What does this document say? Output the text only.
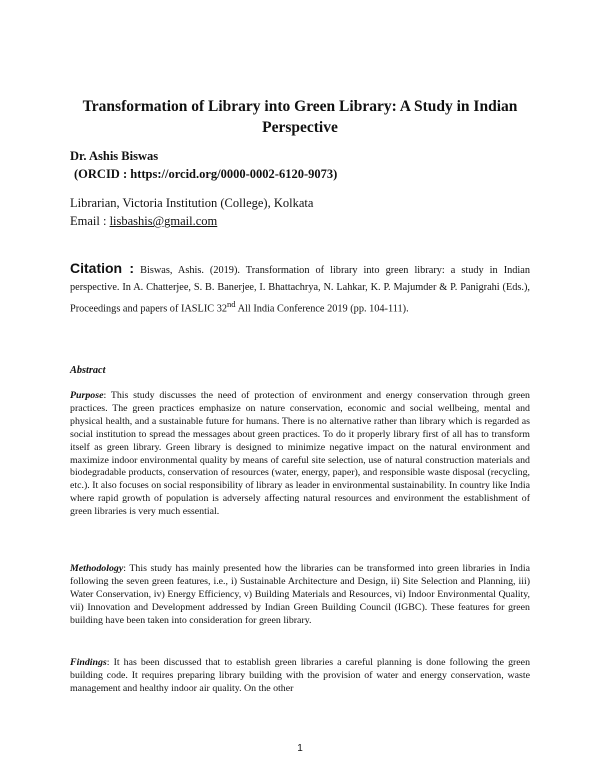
Transformation of Library into Green Library: A Study in Indian Perspective
Dr. Ashis Biswas
(ORCID : https://orcid.org/0000-0002-6120-9073)
Librarian, Victoria Institution (College), Kolkata
Email : lisbashis@gmail.com
Citation : Biswas, Ashis. (2019). Transformation of library into green library: a study in Indian perspective. In A. Chatterjee, S. B. Banerjee, I. Bhattachrya, N. Lahkar, K. P. Majumder & P. Panigrahi (Eds.), Proceedings and papers of IASLIC 32nd All India Conference 2019 (pp. 104-111).
Abstract
Purpose: This study discusses the need of protection of environment and energy conservation through green practices. The green practices emphasize on nature conservation, economic and social wellbeing, mental and physical health, and a sustainable future for humans. There is no alternative rather than library which is regarded as social institution to spread the messages about green practices. To do it properly library first of all has to transform itself as green library. Green library is designed to minimize negative impact on the natural environment and maximize indoor environmental quality by means of careful site selection, use of natural construction materials and biodegradable products, conservation of resources (water, energy, paper), and responsible waste disposal (recycling, etc.). It also focuses on social responsibility of library as leader in environmental sustainability. In country like India where rapid growth of population is adversely affecting natural resources and environment the establishment of green libraries is very much essential.
Methodology: This study has mainly presented how the libraries can be transformed into green libraries in India following the seven green features, i.e., i) Sustainable Architecture and Design, ii) Site Selection and Planning, iii) Water Conservation, iv) Energy Efficiency, v) Building Materials and Resources, vi) Indoor Environmental Quality, vii) Innovation and Development addressed by Indian Green Building Council (IGBC). These features for green building have been taken into consideration for green library.
Findings: It has been discussed that to establish green libraries a careful planning is done following the green building code. It requires preparing library building with the provision of water and energy conservation, waste management and healthy indoor air quality. On the other
1
